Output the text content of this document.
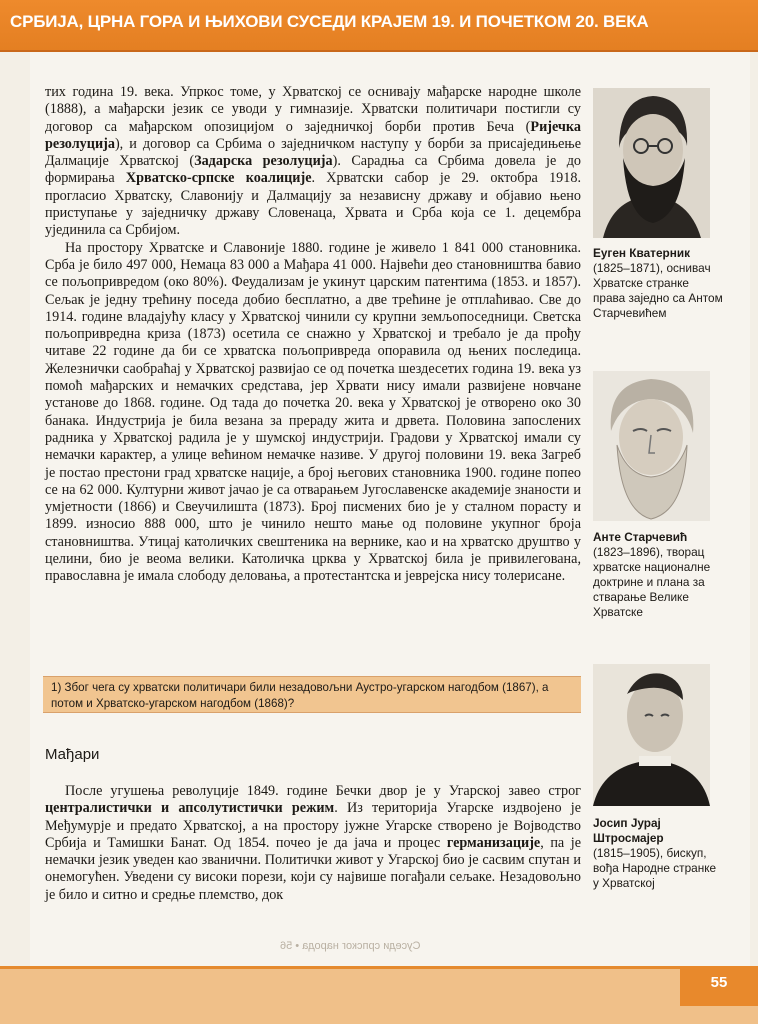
СРБИЈА, ЦРНА ГОРА И ЊИХОВИ СУСЕДИ КРАЈЕМ 19. И ПОЧЕТКОМ 20. ВЕКА

тих година 19. века. Упркос томе, у Хрватској се оснивају мађарске народне школе (1888), а мађарски језик се уводи у гимназије. Хрватски политичари постигли су договор са мађарском опозицијом о заједничкој борби против Беча (Ријечка резолуција), и договор са Србима о заједничком наступу у борби за присаједињење Далмације Хрватској (Задарска резолуција). Сарадња са Србима довела је до формирања Хрватско-српске коалиције. Хрватски сабор је 29. октобра 1918. прогласио Хрватску, Славонију и Далмацију за независну државу и објавио њено приступање у заједничку државу Словенаца, Хрвата и Срба која се 1. децембра ујединила са Србијом.

На простору Хрватске и Славоније 1880. године је живело 1 841 000 становника. Срба је било 497 000, Немаца 83 000 а Мађара 41 000. Највећи део становништва бавио се пољопривредом (око 80%). Феудализам је укинут царским патентима (1853. и 1857). Сељак је једну трећину поседа добио бесплатно, а две трећине је отплаћивао. Све до 1914. године владајућу класу у Хрватској чинили су крупни земљопоседници. Светска пољопривредна криза (1873) осетила се снажно у Хрватској и требало је да прођу читаве 22 године да би се хрватска пољопривреда опоравила од њених последица. Железнички саобраћај у Хрватској развијао се од почетка шездесетих година 19. века уз помоћ мађарских и немачких средстава, јер Хрвати нису имали развијене новчане установе до 1868. године. Од тада до почетка 20. века у Хрватској је отворено око 30 банака. Индустрија је била везана за прераду жита и дрвета. Половина запослених радника у Хрватској радила је у шумској индустрији. Градови у Хрватској имали су немачки карактер, а улице већином немачке називе. У другој половини 19. века Загреб је постао престони град хрватске нације, а број његових становника 1900. године попео се на 62 000. Културни живот јачао је са отварањем Југославенске академије знаности и умјетности (1866) и Свеучилишта (1873). Број писмених био је у сталном порасту и 1899. износио 888 000, што је чинило нешто мање од половине укупног броја становништва. Утицај католичких свештеника на вернике, као и на хрватско друштво у целини, био је веома велики. Католичка црква у Хрватској била је привилегована, православна је имала слободу деловања, а протестантска и јеврејска нису толерисане.

1) Због чега су хрватски политичари били незадовољни Аустро-угарском нагодбом (1867), а потом и Хрватско-угарском нагодбом (1868)?
Мађари

После угушења револуције 1849. године Бечки двор је у Угарској завео строг централистички и апсолутистички режим. Из територија Угарске издвојено је Међумурје и предато Хрватској, а на простору јужне Угарске створено је Војводство Србија и Тамишки Банат. Од 1854. почео је да јача и процес германизације, па је немачки језик уведен као званични. Политички живот у Угарској био је сасвим спутан и онемогућен. Уведени су високи порези, који су највише погађали сељаке. Незадовољно је било и ситно и средње племство, док

Еуген Кватерник
(1825–1871), оснивач Хрватске странке права заједно са Антом Старчевићем
Анте Старчевић
(1823–1896), творац хрватске националне доктрине и плана за стварање Велике Хрватске
Јосип Јурај Штросмајер
(1815–1905), бискуп, вођа Народне странке у Хрватској
Суседи српског народа • 56
55
